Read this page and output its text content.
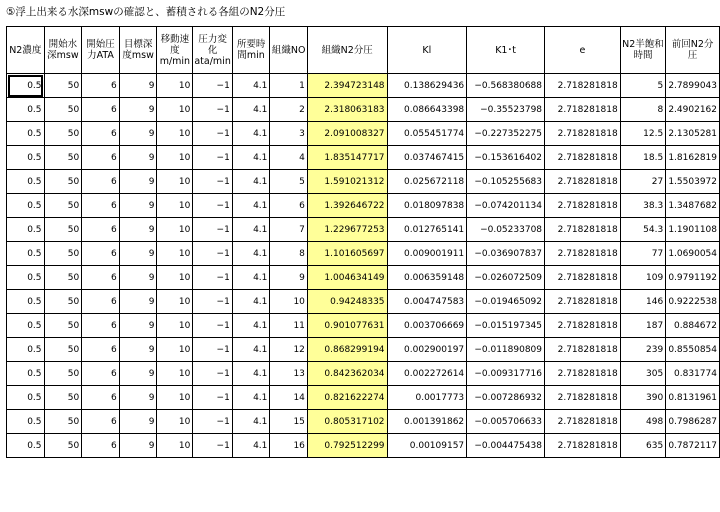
⑤浮上出来る水深mswの確認と、蓄積される各組のN2分圧
N2濃度	開始水深msw	開始圧力ATA	目標深度msw	移動速度m/min	圧力変化ata/min	所要時間min	組織NO	組織N2分圧	Kl	K1･t	e	N2半飽和時間	前回N2分圧
0.5	50	6	9	10	−1	4.1	1	2.394723148	0.138629436	−0.568380688	2.718281818	5	2.7899043
0.5	50	6	9	10	−1	4.1	2	2.318063183	0.086643398	−0.35523798	2.718281818	8	2.4902162
0.5	50	6	9	10	−1	4.1	3	2.091008327	0.055451774	−0.227352275	2.718281818	12.5	2.1305281
0.5	50	6	9	10	−1	4.1	4	1.835147717	0.037467415	−0.153616402	2.718281818	18.5	1.8162819
0.5	50	6	9	10	−1	4.1	5	1.591021312	0.025672118	−0.105255683	2.718281818	27	1.5503972
0.5	50	6	9	10	−1	4.1	6	1.392646722	0.018097838	−0.074201134	2.718281818	38.3	1.3487682
0.5	50	6	9	10	−1	4.1	7	1.229677253	0.012765141	−0.05233708	2.718281818	54.3	1.1901108
0.5	50	6	9	10	−1	4.1	8	1.101605697	0.009001911	−0.036907837	2.718281818	77	1.0690054
0.5	50	6	9	10	−1	4.1	9	1.004634149	0.006359148	−0.026072509	2.718281818	109	0.9791192
0.5	50	6	9	10	−1	4.1	10	0.94248335	0.004747583	−0.019465092	2.718281818	146	0.9222538
0.5	50	6	9	10	−1	4.1	11	0.901077631	0.003706669	−0.015197345	2.718281818	187	0.884672
0.5	50	6	9	10	−1	4.1	12	0.868299194	0.002900197	−0.011890809	2.718281818	239	0.8550854
0.5	50	6	9	10	−1	4.1	13	0.842362034	0.002272614	−0.009317716	2.718281818	305	0.831774
0.5	50	6	9	10	−1	4.1	14	0.821622274	0.0017773	−0.007286932	2.718281818	390	0.8131961
0.5	50	6	9	10	−1	4.1	15	0.805317102	0.001391862	−0.005706633	2.718281818	498	0.7986287
0.5	50	6	9	10	−1	4.1	16	0.792512299	0.00109157	−0.004475438	2.718281818	635	0.7872117
